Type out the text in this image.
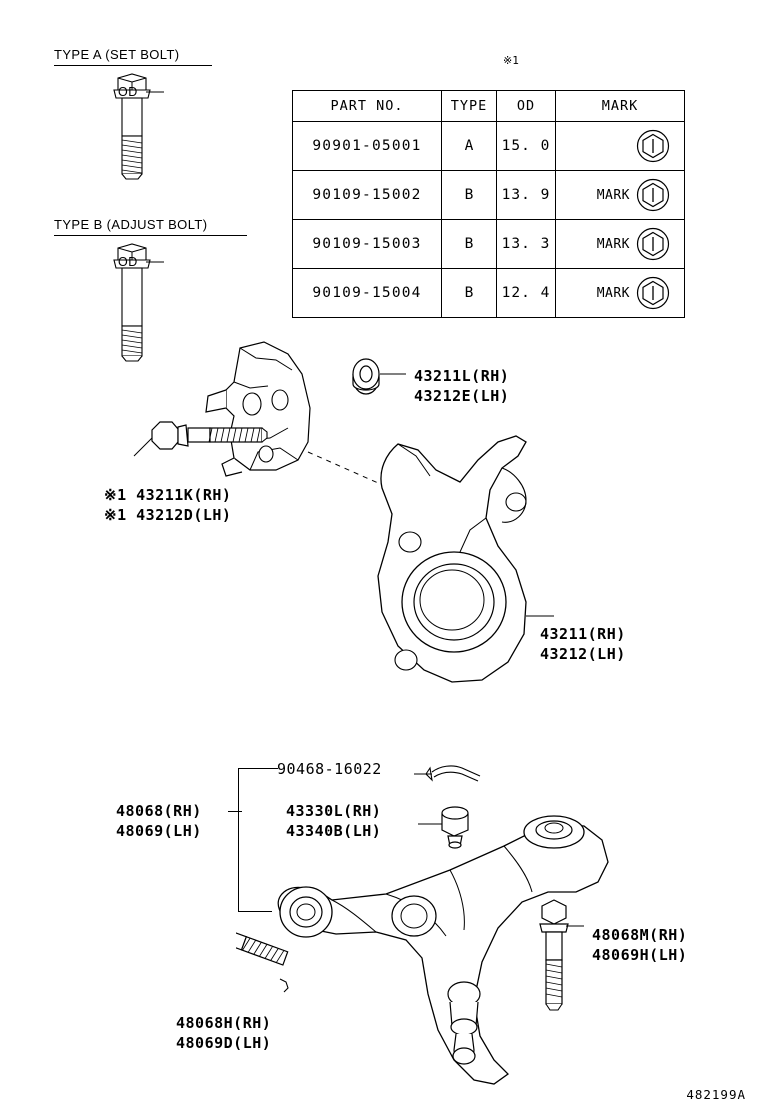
TYPE A (SET BOLT)
OD
TYPE B (ADJUST BOLT)
OD
※1
PART NO.	TYPE	OD	MARK
90901-05001	A	15. 0	

90109-15002	B	13. 9	MARK

90109-15003	B	13. 3	MARK

90109-15004	B	12. 4	MARK
43211L(RH)
43212E(LH)
※1 43211K(RH)
※1 43212D(LH)
43211(RH)
43212(LH)
90468-16022
48068(RH)
48069(LH)
43330L(RH)
43340B(LH)
48068M(RH)
48069H(LH)
48068H(RH)
48069D(LH)
482199A
